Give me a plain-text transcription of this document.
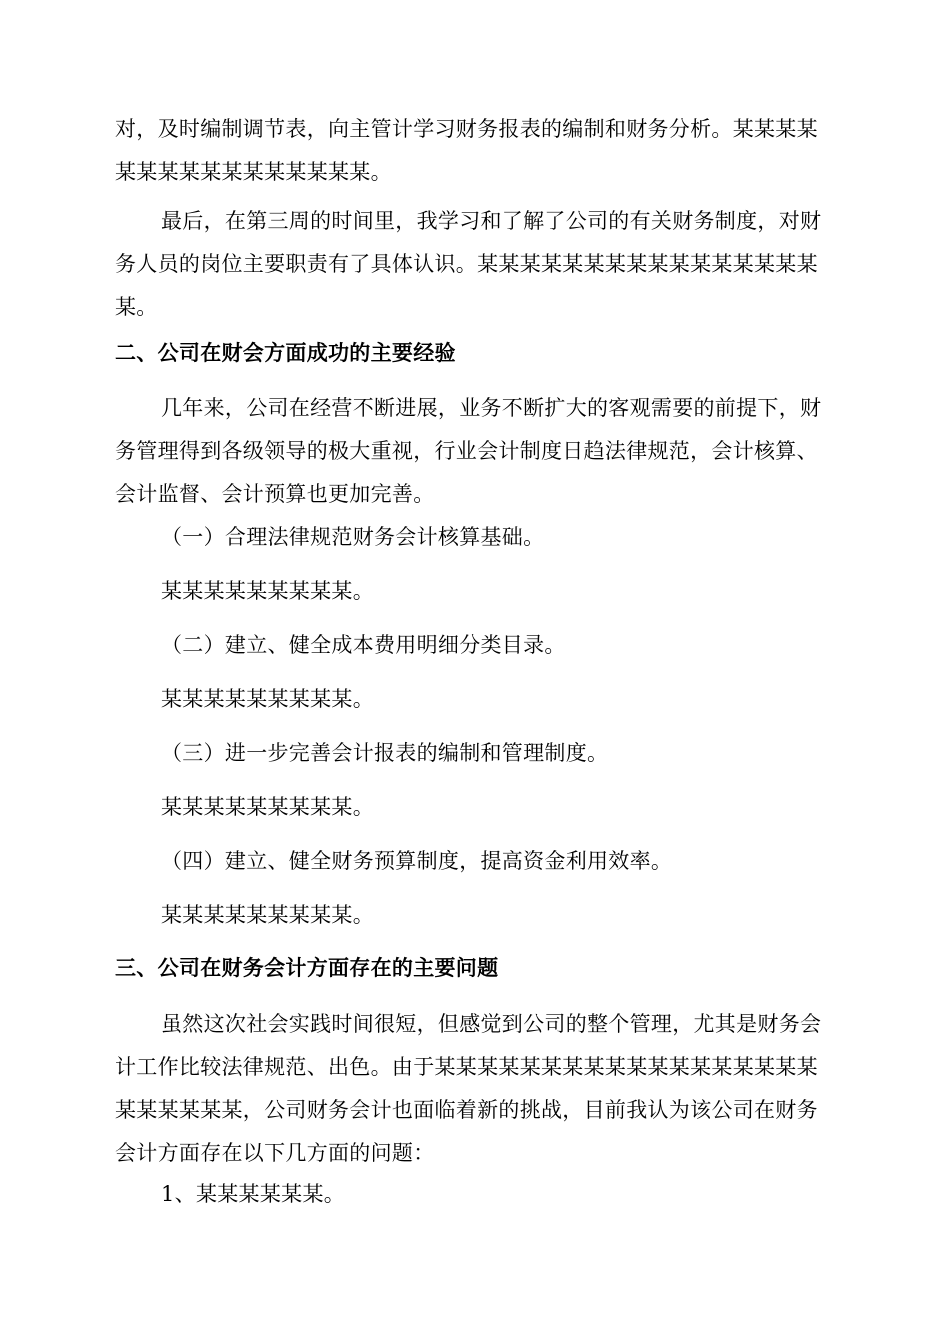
对，及时编制调节表，向主管计学习财务报表的编制和财务分析。某某某某某某某某某某某某某某某某。

最后，在第三周的时间里，我学习和了解了公司的有关财务制度，对财务人员的岗位主要职责有了具体认识。某某某某某某某某某某某某某某某某某。

二、公司在财会方面成功的主要经验

几年来，公司在经营不断进展，业务不断扩大的客观需要的前提下，财务管理得到各级领导的极大重视，行业会计制度日趋法律规范，会计核算、会计监督、会计预算也更加完善。

（一）合理法律规范财务会计核算基础。

某某某某某某某某某。

（二）建立、健全成本费用明细分类目录。

某某某某某某某某某。

（三）进一步完善会计报表的编制和管理制度。

某某某某某某某某某。

（四）建立、健全财务预算制度，提高资金利用效率。

某某某某某某某某某。

三、公司在财务会计方面存在的主要问题

虽然这次社会实践时间很短，但感觉到公司的整个管理，尤其是财务会计工作比较法律规范、出色。由于某某某某某某某某某某某某某某某某某某某某某某某某，公司财务会计也面临着新的挑战，目前我认为该公司在财务会计方面存在以下几方面的问题：

1、某某某某某某。
